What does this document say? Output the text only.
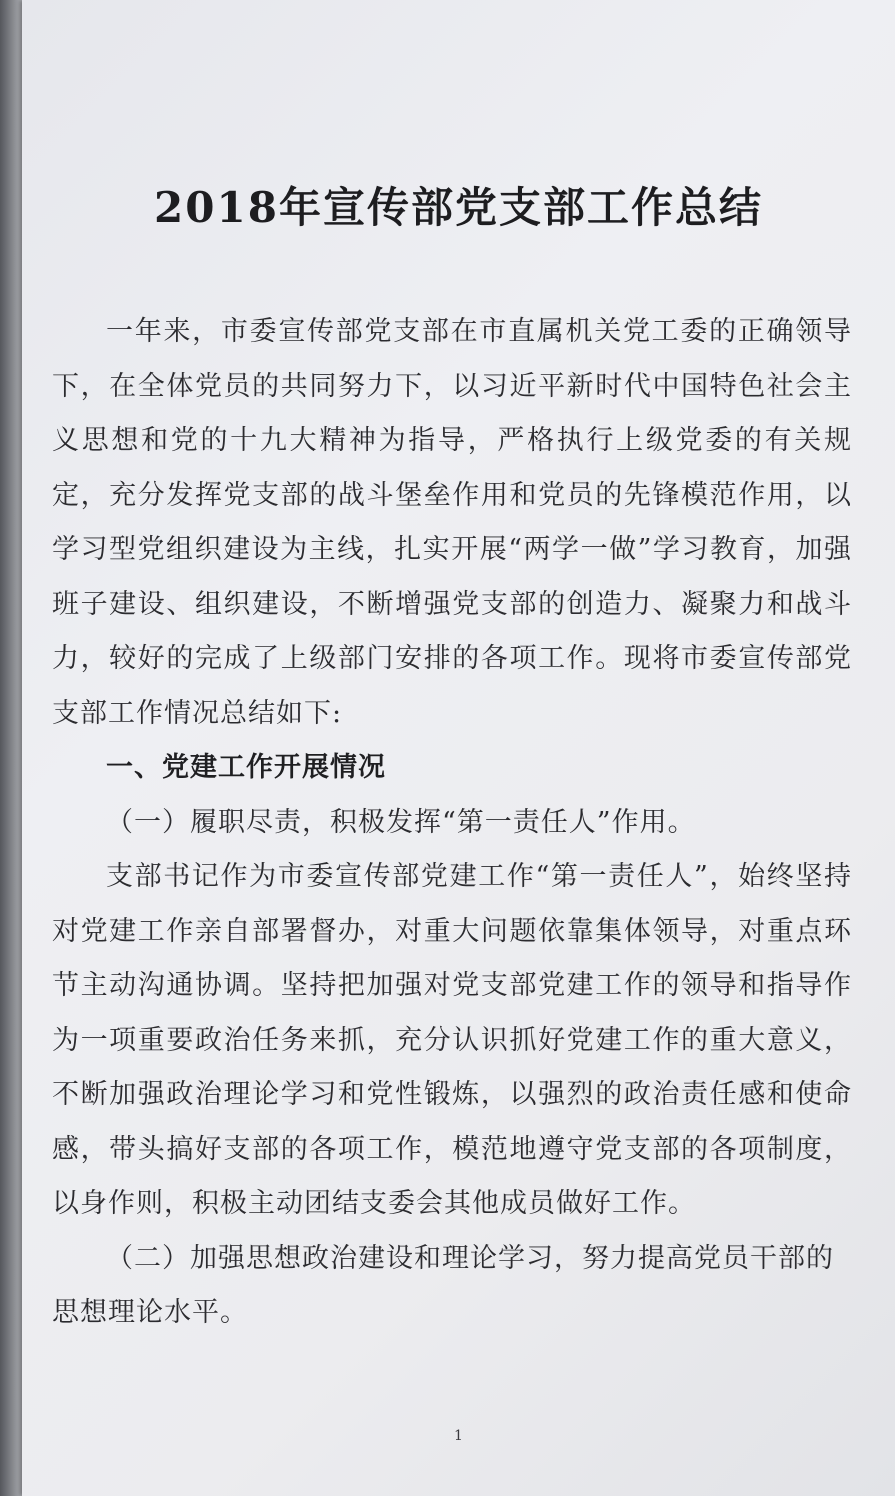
2018年宣传部党支部工作总结

一年来，市委宣传部党支部在市直属机关党工委的正确领导下，在全体党员的共同努力下，以习近平新时代中国特色社会主义思想和党的十九大精神为指导，严格执行上级党委的有关规定，充分发挥党支部的战斗堡垒作用和党员的先锋模范作用，以学习型党组织建设为主线，扎实开展“两学一做”学习教育，加强班子建设、组织建设，不断增强党支部的创造力、凝聚力和战斗力，较好的完成了上级部门安排的各项工作。现将市委宣传部党支部工作情况总结如下:

一、党建工作开展情况

（一）履职尽责，积极发挥“第一责任人”作用。

支部书记作为市委宣传部党建工作“第一责任人”，始终坚持对党建工作亲自部署督办，对重大问题依靠集体领导，对重点环节主动沟通协调。坚持把加强对党支部党建工作的领导和指导作为一项重要政治任务来抓，充分认识抓好党建工作的重大意义，不断加强政治理论学习和党性锻炼，以强烈的政治责任感和使命感，带头搞好支部的各项工作，模范地遵守党支部的各项制度，以身作则，积极主动团结支委会其他成员做好工作。

（二）加强思想政治建设和理论学习，努力提高党员干部的思想理论水平。

1
